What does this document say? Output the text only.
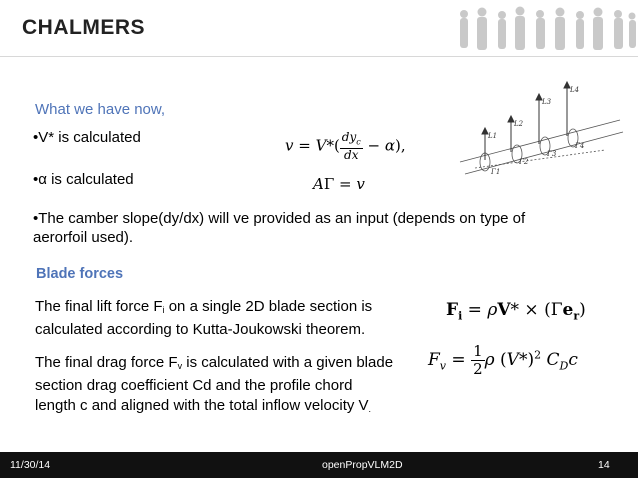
CHALMERS
What we have now,
•V* is calculated
•α is calculated
•The camber slope(dy/dx) will ve provided as an input (depends on type of aerorfoil used).
$v = V*( \frac{dy_c}{dx} - \alpha)$,
AΓ = v
L1
L2
L3
L4
Γ1
Γ2
Γ3
Γ4
Blade forces
The final lift force $F_i$ on a single 2D blade section is calculated according to Kutta-Joukowski theorem.
The final drag force $F_v$ is calculated with a given blade section drag coefficient Cd and the profile chord length c and aligned with the total inflow velocity $V_.$
$F_i = \rho V* \times (\Gamma e_r)$
$F_v = \frac{1}{2}$ ρ $(V*)^2$ $C_Dc$
11/30/14	openPropVLM2D	14
